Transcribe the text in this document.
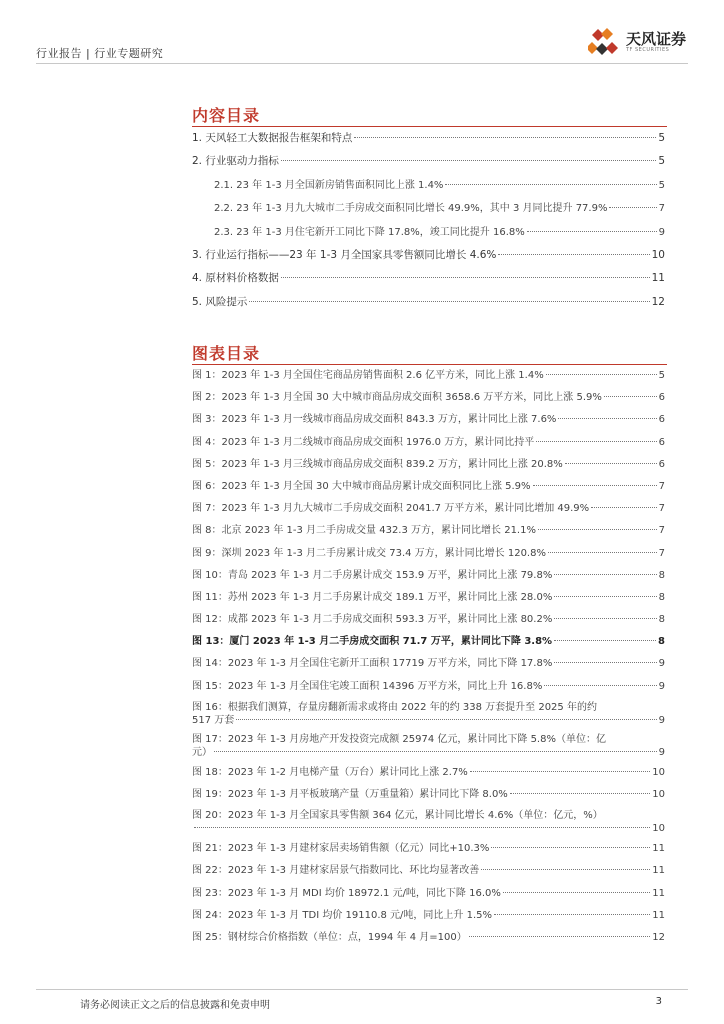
行业报告 | 行业专题研究
天风证券
TF SECURITIES
内容目录
1. 天风轻工大数据报告框架和特点	5
2. 行业驱动力指标	5
2.1. 23 年 1-3 月全国新房销售面积同比上涨 1.4%	5
2.2. 23 年 1-3 月九大城市二手房成交面积同比增长 49.9%，其中 3 月同比提升 77.9%	7
2.3. 23 年 1-3 月住宅新开工同比下降 17.8%，竣工同比提升 16.8%	9
3. 行业运行指标——23 年 1-3 月全国家具零售额同比增长 4.6%	10
4. 原材料价格数据	11
5. 风险提示	12
图表目录
图 1：2023 年 1-3 月全国住宅商品房销售面积 2.6 亿平方米，同比上涨 1.4%	5
图 2：2023 年 1-3 月全国 30 大中城市商品房成交面积 3658.6 万平方米，同比上涨 5.9%	6
图 3：2023 年 1-3 月一线城市商品房成交面积 843.3 万方，累计同比上涨 7.6%	6
图 4：2023 年 1-3 月二线城市商品房成交面积 1976.0 万方，累计同比持平	6
图 5：2023 年 1-3 月三线城市商品房成交面积 839.2 万方，累计同比上涨 20.8%	6
图 6：2023 年 1-3 月全国 30 大中城市商品房累计成交面积同比上涨 5.9%	7
图 7：2023 年 1-3 月九大城市二手房成交面积 2041.7 万平方米，累计同比增加 49.9%	7
图 8：北京 2023 年 1-3 月二手房成交量 432.3 万方，累计同比增长 21.1%	7
图 9：深圳 2023 年 1-3 月二手房累计成交 73.4 万方，累计同比增长 120.8%	7
图 10：青岛 2023 年 1-3 月二手房累计成交 153.9 万平，累计同比上涨 79.8%	8
图 11：苏州 2023 年 1-3 月二手房累计成交 189.1 万平，累计同比上涨 28.0%	8
图 12：成都 2023 年 1-3 月二手房成交面积 593.3 万平，累计同比上涨 80.2%	8
图 13：厦门 2023 年 1-3 月二手房成交面积 71.7 万平，累计同比下降 3.8%	8
图 14：2023 年 1-3 月全国住宅新开工面积 17719 万平方米，同比下降 17.8%	9
图 15：2023 年 1-3 月全国住宅竣工面积 14396 万平方米，同比上升 16.8%	9
图 16：根据我们测算，存量房翻新需求或将由 2022 年的约 338 万套提升至 2025 年的约
517 万套	9
图 17：2023 年 1-3 月房地产开发投资完成额 25974 亿元，累计同比下降 5.8%（单位：亿
元）	9
图 18：2023 年 1-2 月电梯产量（万台）累计同比上涨 2.7%	10
图 19：2023 年 1-3 月平板玻璃产量（万重量箱）累计同比下降 8.0%	10
图 20：2023 年 1-3 月全国家具零售额 364 亿元，累计同比增长 4.6%（单位：亿元，%）
10
图 21：2023 年 1-3 月建材家居卖场销售额（亿元）同比+10.3%	11
图 22：2023 年 1-3 月建材家居景气指数同比、环比均显著改善	11
图 23：2023 年 1-3 月 MDI 均价 18972.1 元/吨，同比下降 16.0%	11
图 24：2023 年 1-3 月 TDI 均价 19110.8 元/吨，同比上升 1.5%	11
图 25：钢材综合价格指数（单位：点，1994 年 4 月=100）	12
请务必阅读正文之后的信息披露和免责申明	3
